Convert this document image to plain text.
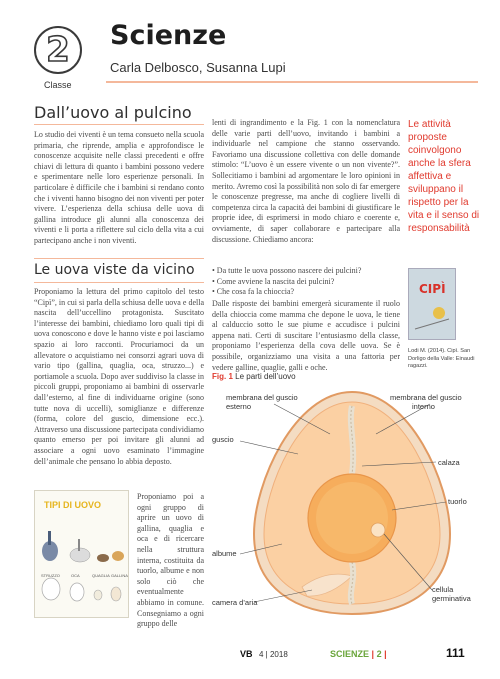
2
Classe
Scienze
Carla Delbosco, Susanna Lupi
Dall’uovo al pulcino
Lo studio dei viventi è un tema consueto nella scuola primaria, che riprende, amplia e approfondisce le conoscenze acquisite nelle classi precedenti e offre chiavi di lettura di quanto i bambini possono vedere e sperimentare nelle loro esperienze personali. In particolare è difficile che i bambini si rendano conto che i viventi hanno bisogno dei non viventi per poter vivere. L’esperienza della schiusa delle uova di gallina introduce gli alunni alla conoscenza dei viventi e li porta a riflettere sul ciclo della vita a cui partecipano anche i non viventi.
Le uova viste da vicino
Proponiamo la lettura del primo capitolo del testo “Cipì”, in cui si parla della schiusa delle uova e della nascita dell’uccellino protagonista. Suscitato l’interesse dei bambini, chiediamo loro quali tipi di uova conoscono e dove le hanno viste e poi lasciamo spazio ai loro racconti. Procuriamoci da un allevatore o acquistiamo nei consorzi agrari uova di vario tipo (gallina, quaglia, oca, struzzo...) e portiamole a scuola. Dopo aver suddiviso la classe in piccoli gruppi, proponiamo ai bambini di osservarle dall’esterno, al fine di individuarne origine (sono tutte nova di uccelli), somiglianze e differenze (forma, colore del guscio, dimensione ecc.). Attraverso una discussione partecipata condividiamo quanto emerso per poi invitare gli alunni ad associare a ogni uovo esaminato l’immagine dell’animale che pensano lo abbia deposto.
Proponiamo poi a ogni gruppo di aprire un uovo di gallina, quaglia e oca e di ricercare nella struttura interna, costituita da tuorlo, albume e non solo ciò che eventualmente abbiamo in comune. Consegniamo a ogni gruppo delle
TIPI DI UOVO
STRUZZO	OCA	QUAGLIA GALLINA
lenti di ingrandimento e la Fig. 1 con la nomenclatura delle varie parti dell’uovo, invitando i bambini a individuarle nel campione che stanno osservando. Favoriamo una discussione collettiva con delle domande stimolo: “L’uovo è un essere vivente o un non vivente?”. Sollecitiamo i bambini ad argomentare le loro opinioni in merito. Avremo così la possibilità non solo di far emergere le conoscenze pregresse, ma anche di cogliere livelli di competenza circa la capacità dei bambini di giustificare le proprie idee, di esprimersi in modo chiaro e coerente e, ovviamente, di saper collaborare e partecipare alla discussione. Chiediamo ancora:
• Da tutte le uova possono nascere dei pulcini?
• Come avviene la nascita dei pulcini?
• Che cosa fa la chioccia?
Dalle risposte dei bambini emergerà sicuramente il ruolo della chioccia come mamma che depone le uova, le tiene al calduccio sotto le sue piume e accudisce i pulcini appena nati. Certi di suscitare l’entusiasmo della classe, proponiamo l’esperienza della cova delle uova. Se è possibile, organizziamo una visita a una fattoria per vedere galline, quaglie, galli e oche.
Le attività proposte coinvolgono anche la sfera affettiva e sviluppano il rispetto per la vita e il senso di responsabilità
CIPÌ
Lodi M. (2014). Cipì. San Dorligo della Valle: Einaudi ragazzi.
Fig. 1 Le parti dell’uovo
membrana del guscio
esterno
membrana del guscio
interno
guscio
calaza
tuorlo
albume
camera d’aria
cellula
germinativa
VB 4 | 2018	SCIENZE | 2 |	111
